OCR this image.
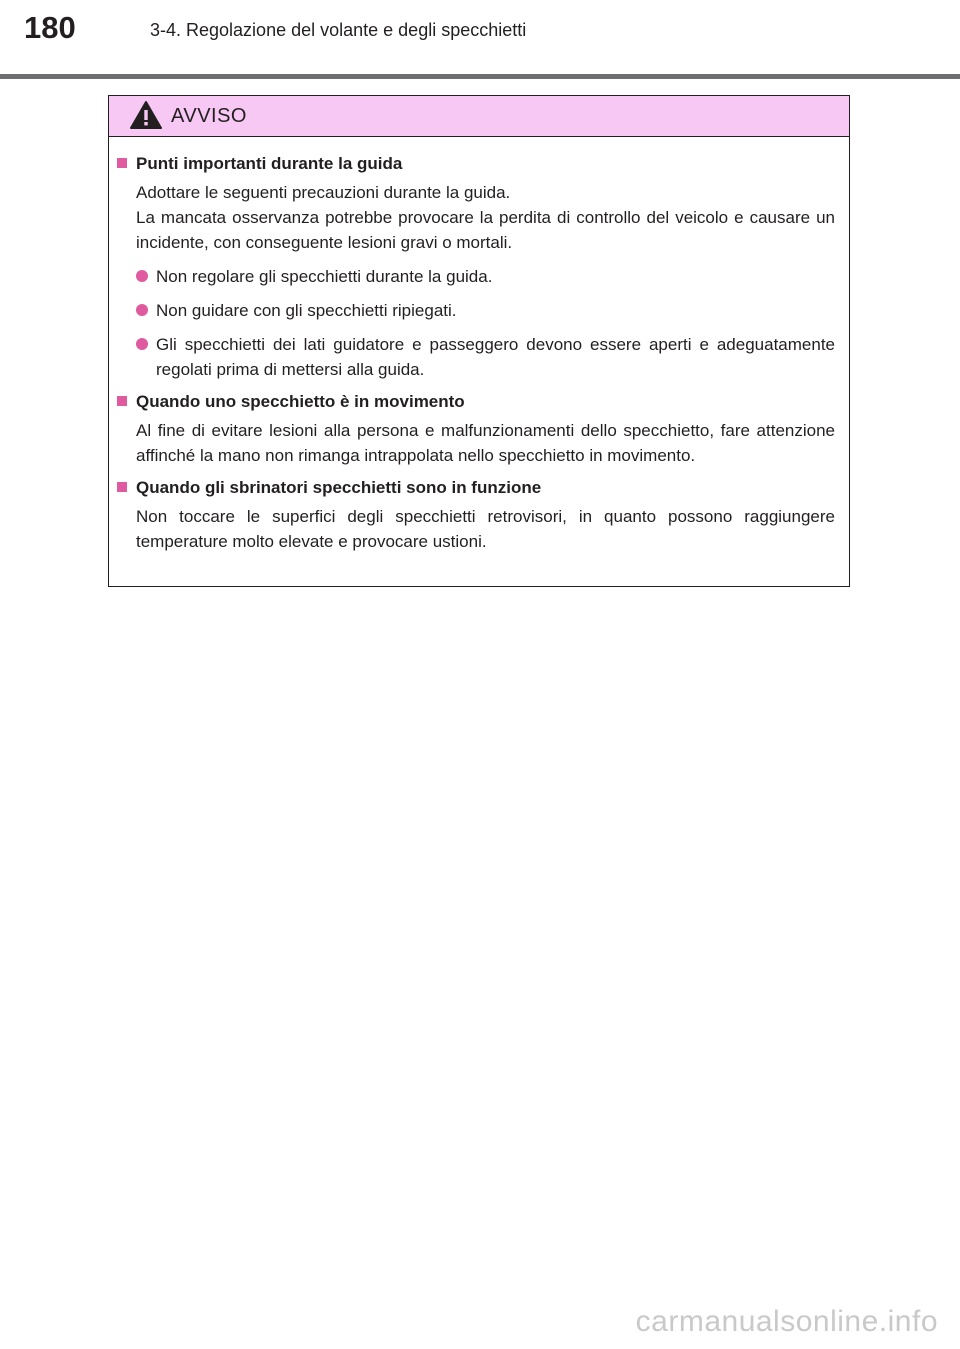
180	3-4. Regolazione del volante e degli specchietti
AVVISO
Punti importanti durante la guida

Adottare le seguenti precauzioni durante la guida.

La mancata osservanza potrebbe provocare la perdita di controllo del veicolo e causare un incidente, con conseguente lesioni gravi o mortali.

Non regolare gli specchietti durante la guida.
Non guidare con gli specchietti ripiegati.
Gli specchietti dei lati guidatore e passeggero devono essere aperti e adeguatamente regolati prima di mettersi alla guida.
Quando uno specchietto è in movimento

Al fine di evitare lesioni alla persona e malfunzionamenti dello specchietto, fare attenzione affinché la mano non rimanga intrappolata nello specchietto in movimento.

Quando gli sbrinatori specchietti sono in funzione

Non toccare le superfici degli specchietti retrovisori, in quanto possono raggiungere temperature molto elevate e provocare ustioni.

carmanualsonline.info
